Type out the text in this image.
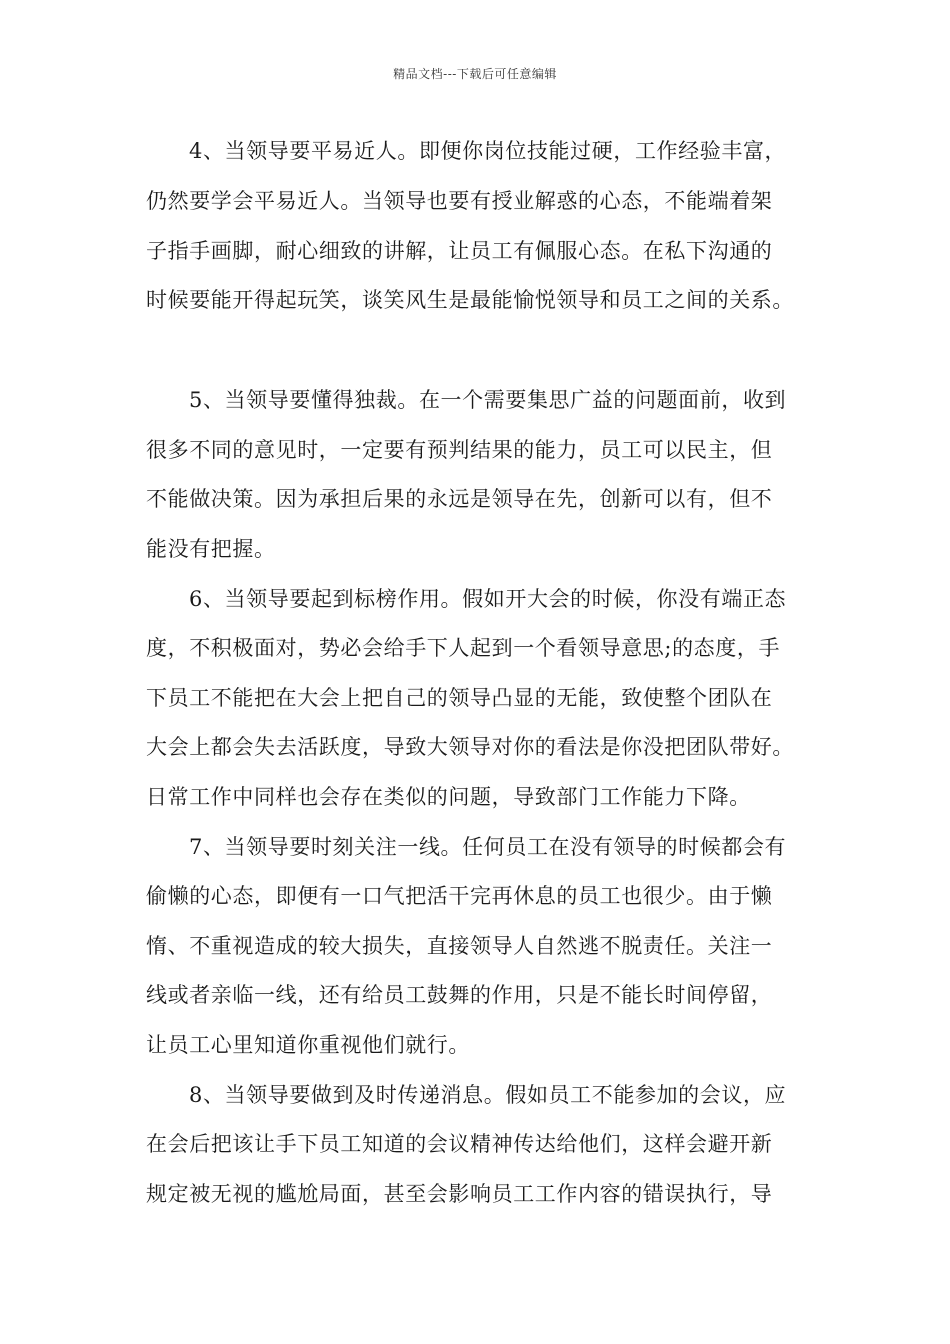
精品文档---下载后可任意编辑
4、当领导要平易近人。即便你岗位技能过硬，工作经验丰富，
仍然要学会平易近人。当领导也要有授业解惑的心态，不能端着架
子指手画脚，耐心细致的讲解，让员工有佩服心态。在私下沟通的
时候要能开得起玩笑，谈笑风生是最能愉悦领导和员工之间的关系。
5、当领导要懂得独裁。在一个需要集思广益的问题面前，收到
很多不同的意见时，一定要有预判结果的能力，员工可以民主，但
不能做决策。因为承担后果的永远是领导在先，创新可以有，但不
能没有把握。
6、当领导要起到标榜作用。假如开大会的时候，你没有端正态
度，不积极面对，势必会给手下人起到一个看领导意思;的态度，手
下员工不能把在大会上把自己的领导凸显的无能，致使整个团队在
大会上都会失去活跃度，导致大领导对你的看法是你没把团队带好。
日常工作中同样也会存在类似的问题，导致部门工作能力下降。
7、当领导要时刻关注一线。任何员工在没有领导的时候都会有
偷懒的心态，即便有一口气把活干完再休息的员工也很少。由于懒
惰、不重视造成的较大损失，直接领导人自然逃不脱责任。关注一
线或者亲临一线，还有给员工鼓舞的作用，只是不能长时间停留，
让员工心里知道你重视他们就行。
8、当领导要做到及时传递消息。假如员工不能参加的会议，应
在会后把该让手下员工知道的会议精神传达给他们，这样会避开新
规定被无视的尴尬局面，甚至会影响员工工作内容的错误执行，导
